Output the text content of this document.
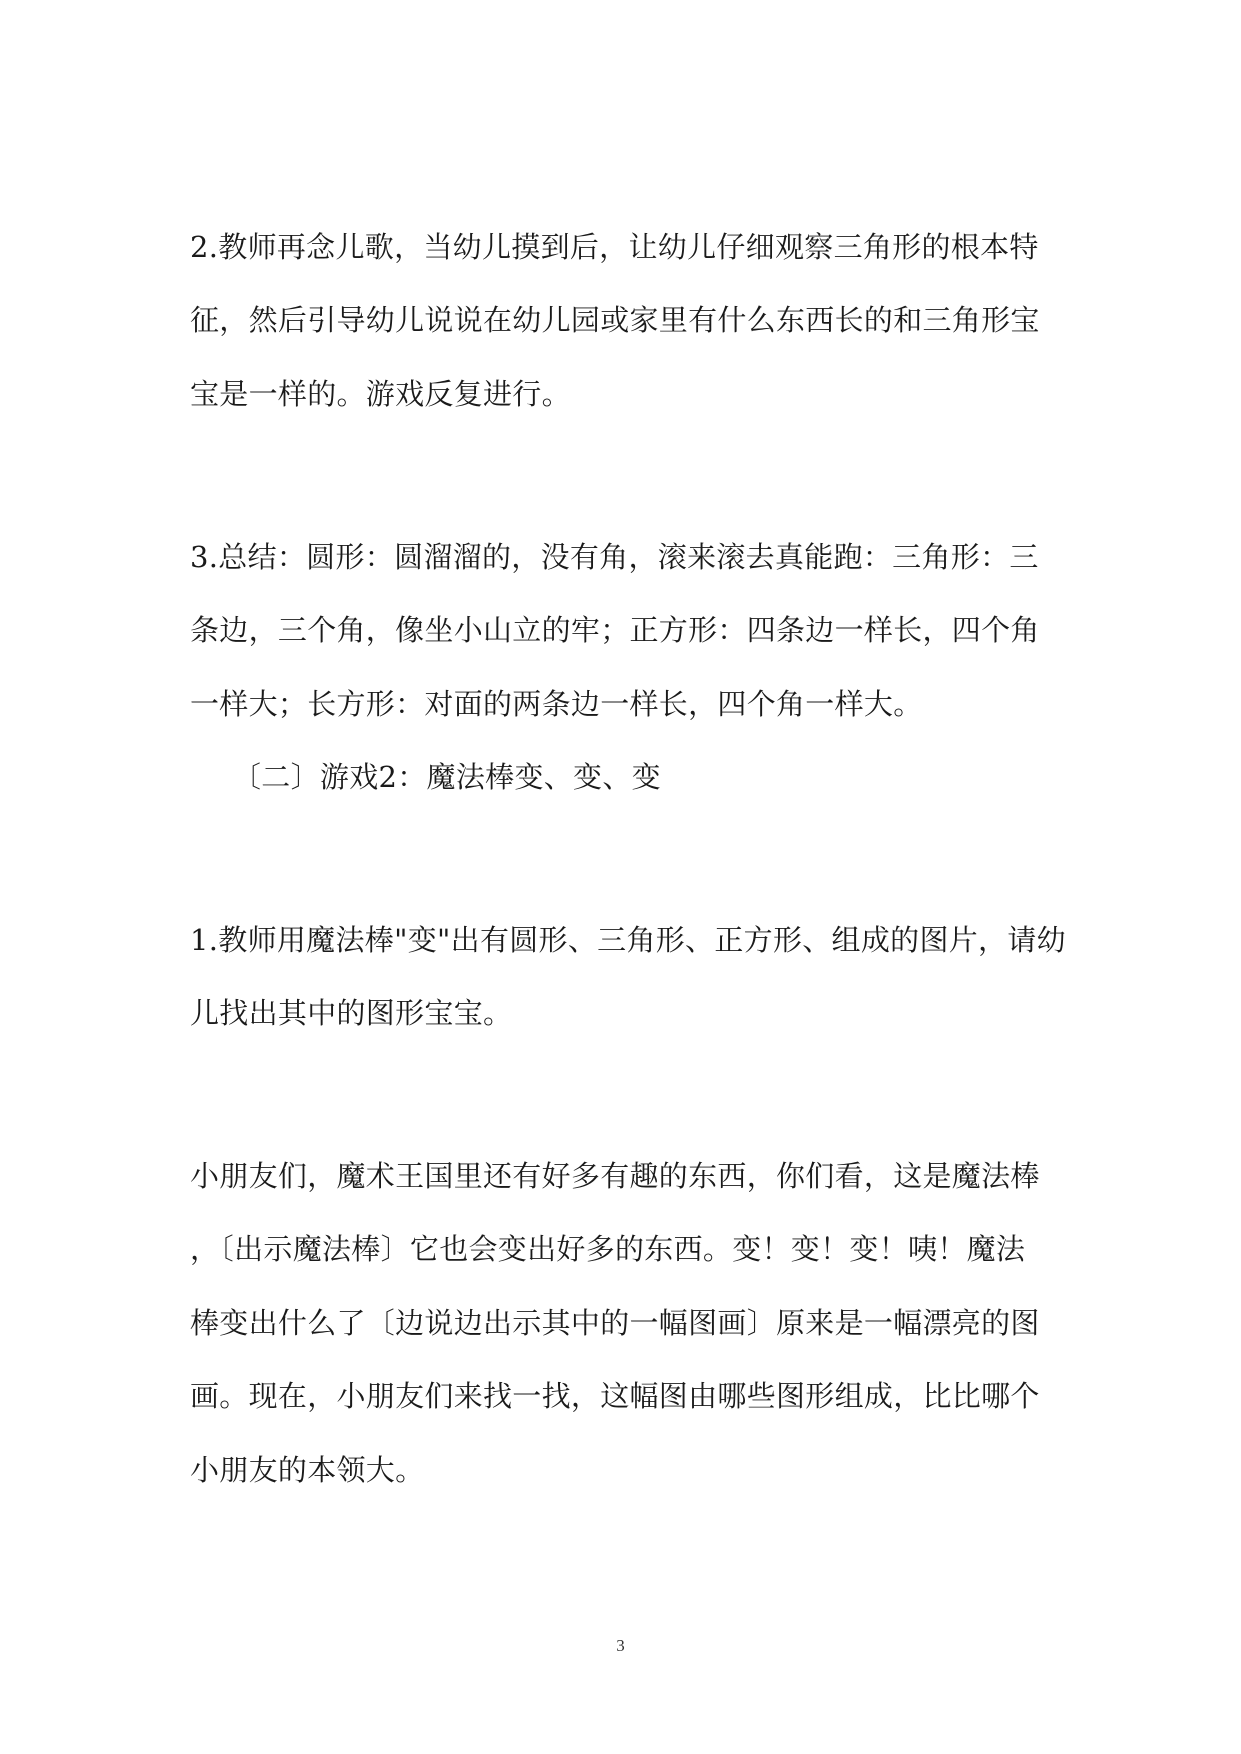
2.教师再念儿歌，当幼儿摸到后，让幼儿仔细观察三角形的根本特
征，然后引导幼儿说说在幼儿园或家里有什么东西长的和三角形宝
宝是一样的。游戏反复进行。
3.总结：圆形：圆溜溜的，没有角，滚来滚去真能跑：三角形：三
条边，三个角，像坐小山立的牢；正方形：四条边一样长，四个角
一样大；长方形：对面的两条边一样长，四个角一样大。
〔二〕游戏2：魔法棒变、变、变
1.教师用魔法棒"变"出有圆形、三角形、正方形、组成的图片，请幼
儿找出其中的图形宝宝。
小朋友们，魔术王国里还有好多有趣的东西，你们看，这是魔法棒
，〔出示魔法棒〕它也会变出好多的东西。变！变！变！咦！魔法
棒变出什么了〔边说边出示其中的一幅图画〕原来是一幅漂亮的图
画。现在，小朋友们来找一找，这幅图由哪些图形组成，比比哪个
小朋友的本领大。
3
